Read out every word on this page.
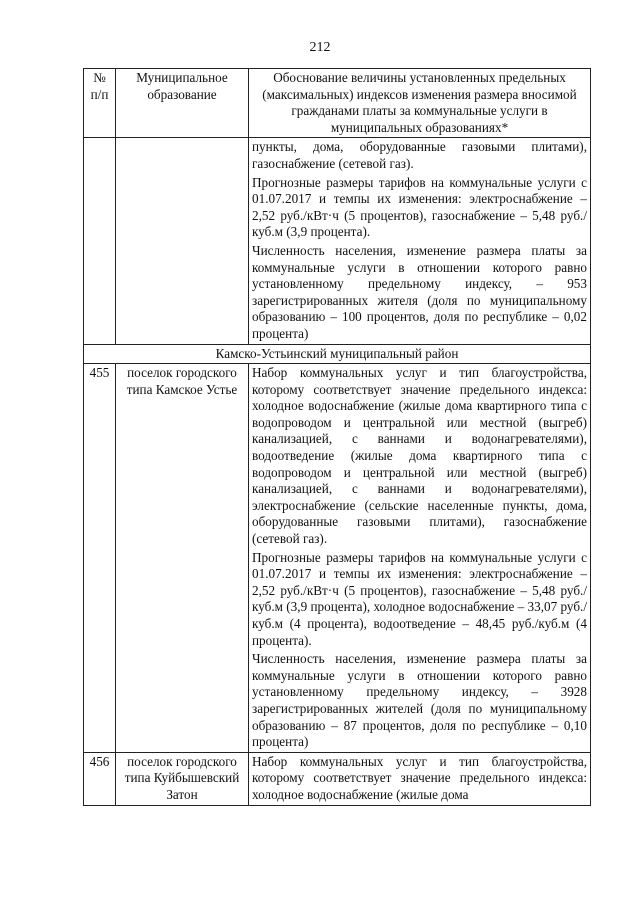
212
№ п/п	Муниципальное образование	Обоснование величины установленных предельных (максимальных) индексов изменения размера вносимой гражданами платы за коммунальные услуги в муниципальных образованиях*

		пункты, дома, оборудованные газовыми плитами), газоснабжение (сетевой газ).

Прогнозные размеры тарифов на коммунальные услуги с 01.07.2017 и темпы их изменения: электроснабжение – 2,52 руб./кВт·ч (5 процентов), газоснабжение – 5,48 руб./куб.м (3,9 процента).

Численность населения, изменение размера платы за коммунальные услуги в отношении которого равно установленному предельному индексу, – 953 зарегистрированных жителя (доля по муниципальному образованию – 100 процентов, доля по республике – 0,02 процента)

Камско-Устьинский муниципальный район		
455	поселок городского типа Камское Устье	Набор коммунальных услуг и тип благоустройства, которому соответствует значение предельного индекса: холодное водоснабжение (жилые дома квартирного типа с водопроводом и центральной или местной (выгреб) канализацией, с ваннами и водонагревателями), водоотведение (жилые дома квартирного типа с водопроводом и центральной или местной (выгреб) канализацией, с ваннами и водонагревателями), электроснабжение (сельские населенные пункты, дома, оборудованные газовыми плитами), газоснабжение (сетевой газ).

Прогнозные размеры тарифов на коммунальные услуги с 01.07.2017 и темпы их изменения: электроснабжение – 2,52 руб./кВт·ч (5 процентов), газоснабжение – 5,48 руб./куб.м (3,9 процента), холодное водоснабжение – 33,07 руб./куб.м (4 процента), водоотведение – 48,45 руб./куб.м (4 процента).

Численность населения, изменение размера платы за коммунальные услуги в отношении которого равно установленному предельному индексу, – 3928 зарегистрированных жителей (доля по муниципальному образованию – 87 процентов, доля по республике – 0,10 процента)

456	поселок городского типа Куйбышевский Затон	Набор коммунальных услуг и тип благоустройства, которому соответствует значение предельного индекса: холодное водоснабжение (жилые дома
